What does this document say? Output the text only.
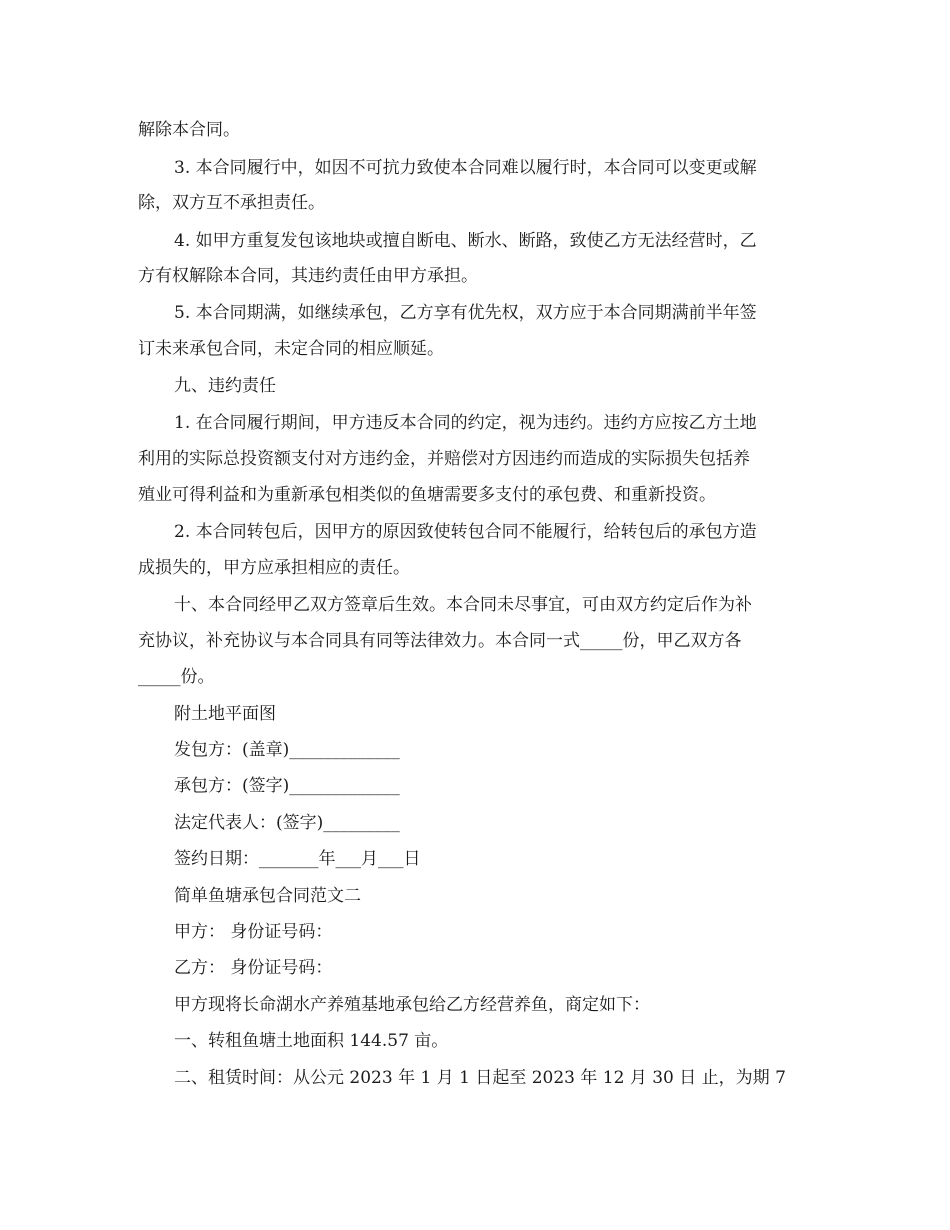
解除本合同。
3. 本合同履行中，如因不可抗力致使本合同难以履行时，本合同可以变更或解
除，双方互不承担责任。
4. 如甲方重复发包该地块或擅自断电、断水、断路，致使乙方无法经营时，乙
方有权解除本合同，其违约责任由甲方承担。
5. 本合同期满，如继续承包，乙方享有优先权，双方应于本合同期满前半年签
订未来承包合同，未定合同的相应顺延。
九、违约责任
1. 在合同履行期间，甲方违反本合同的约定，视为违约。违约方应按乙方土地
利用的实际总投资额支付对方违约金，并赔偿对方因违约而造成的实际损失包括养
殖业可得利益和为重新承包相类似的鱼塘需要多支付的承包费、和重新投资。
2. 本合同转包后，因甲方的原因致使转包合同不能履行，给转包后的承包方造
成损失的，甲方应承担相应的责任。
十、本合同经甲乙双方签章后生效。本合同未尽事宜，可由双方约定后作为补
充协议，补充协议与本合同具有同等法律效力。本合同一式_____份，甲乙双方各
_____份。
附土地平面图
发包方：(盖章)_____________
承包方：(签字)_____________
法定代表人：(签字)_________
签约日期：_______年___月___日
简单鱼塘承包合同范文二
甲方： 身份证号码：
乙方： 身份证号码：
甲方现将长命湖水产养殖基地承包给乙方经营养鱼，商定如下：
一、转租鱼塘土地面积 144.57 亩。
二、租赁时间：从公元 2023 年 1 月 1 日起至 2023 年 12 月 30 日 止，为期 7
